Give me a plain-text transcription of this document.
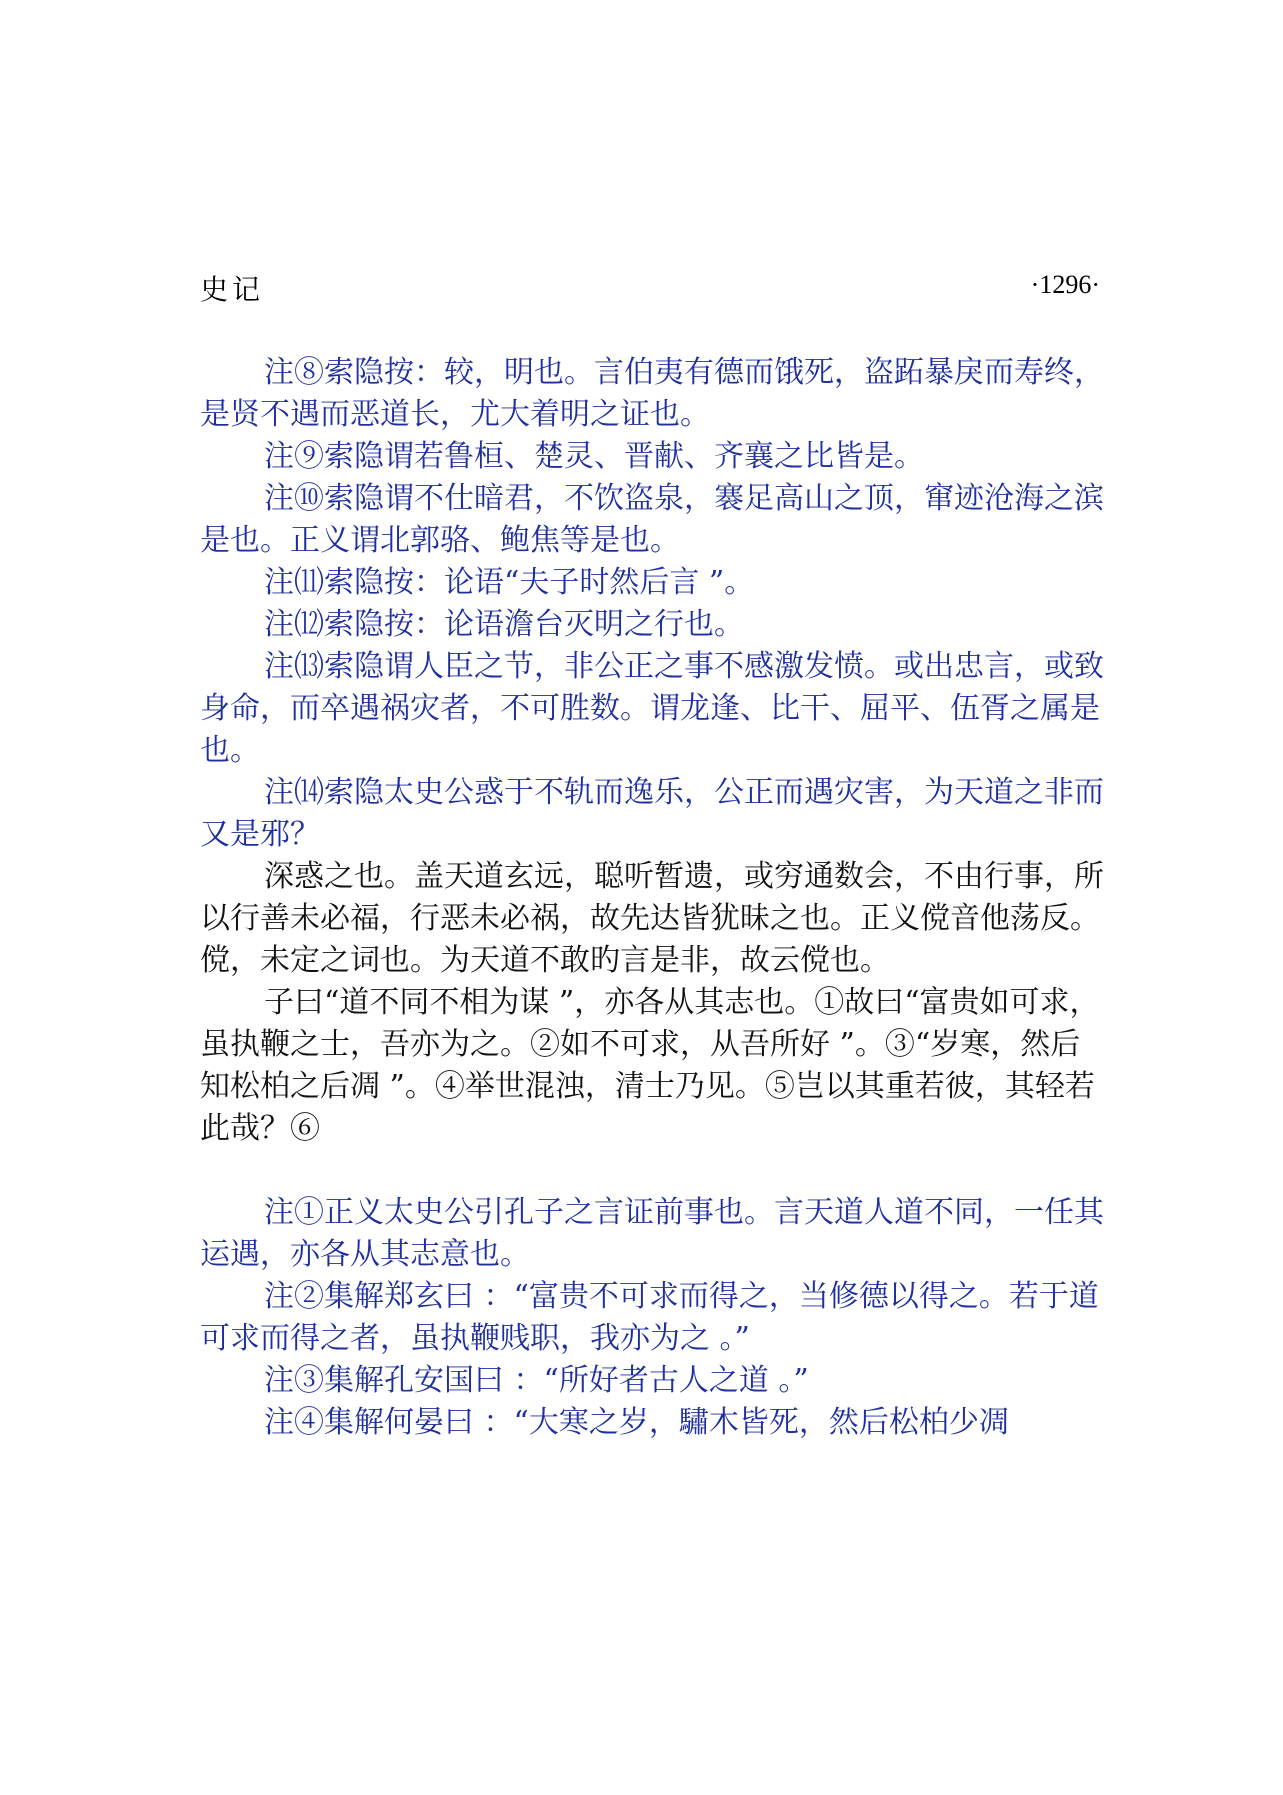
史记	·1296·

注⑧索隐按：较，明也。言伯夷有德而饿死，盗跖暴戾而寿终，是贤不遇而恶道长，尤大着明之证也。

注⑨索隐谓若鲁桓、楚灵、晋献、齐襄之比皆是。

注⑩索隐谓不仕暗君，不饮盗泉，褰足高山之顶，窜迹沧海之滨是也。正义谓北郭骆、鲍焦等是也。

注⑾索隐按：论语“夫子时然后言 ”。

注⑿索隐按：论语澹台灭明之行也。

注⒀索隐谓人臣之节，非公正之事不感激发愤。或出忠言，或致身命，而卒遇祸灾者，不可胜数。谓龙逢、比干、屈平、伍胥之属是也。

注⒁索隐太史公惑于不轨而逸乐，公正而遇灾害，为天道之非而又是邪？

深惑之也。盖天道玄远，聪听暂遗，或穷通数会，不由行事，所以行善未必福，行恶未必祸，故先达皆犹昧之也。正义傥音他荡反。傥，未定之词也。为天道不敢旳言是非，故云傥也。

子曰“道不同不相为谋 ”，亦各从其志也。①故曰“富贵如可求，虽执鞭之士，吾亦为之。②如不可求，从吾所好 ”。③“岁寒，然后知松柏之后凋 ”。④举世混浊，清士乃见。⑤岂以其重若彼，其轻若此哉？⑥

注①正义太史公引孔子之言证前事也。言天道人道不同，一任其运遇，亦各从其志意也。

注②集解郑玄曰 ：“富贵不可求而得之，当修德以得之。若于道可求而得之者，虽执鞭贱职，我亦为之 。”

注③集解孔安国曰 ：“所好者古人之道 。”

注④集解何晏曰 ：“大寒之岁，驌木皆死，然后松柏少凋
